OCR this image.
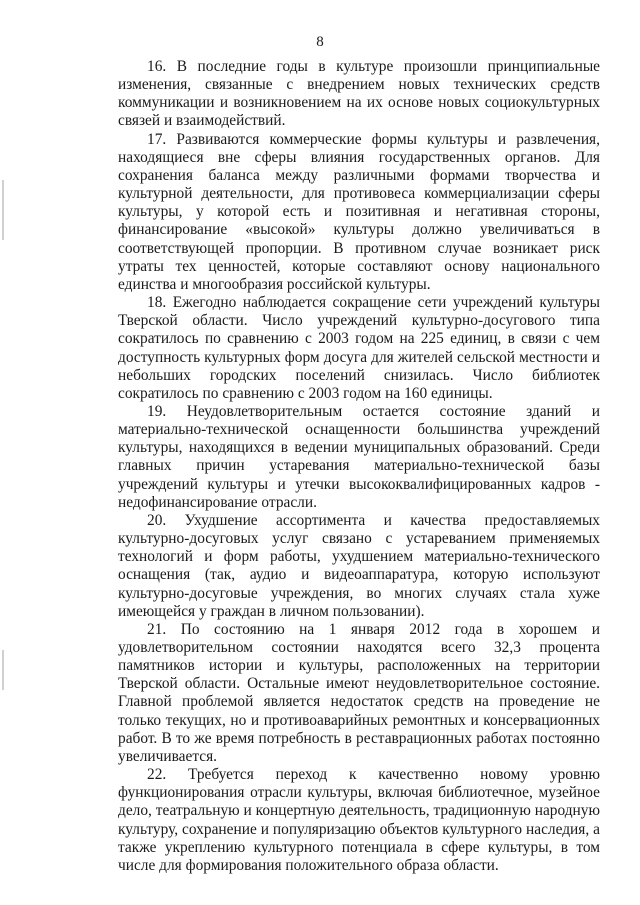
8

16. В последние годы в культуре произошли принципиальные изменения, связанные с внедрением новых технических средств коммуникации и возникновением на их основе новых социокультурных связей и взаимодействий.

17. Развиваются коммерческие формы культуры и развлечения, находящиеся вне сферы влияния государственных органов. Для сохранения баланса между различными формами творчества и культурной деятельности, для противовеса коммерциализации сферы культуры, у которой есть и позитивная и негативная стороны, финансирование «высокой» культуры должно увеличиваться в соответствующей пропорции. В противном случае возникает риск утраты тех ценностей, которые составляют основу национального единства и многообразия российской культуры.

18. Ежегодно наблюдается сокращение сети учреждений культуры Тверской области. Число учреждений культурно-досугового типа сократилось по сравнению с 2003 годом на 225 единиц, в связи с чем доступность культурных форм досуга для жителей сельской местности и небольших городских поселений снизилась. Число библиотек сократилось по сравнению с 2003 годом на 160 единицы.

19. Неудовлетворительным остается состояние зданий и материально-технической оснащенности большинства учреждений культуры, находящихся в ведении муниципальных образований. Среди главных причин устаревания материально-технической базы учреждений культуры и утечки высококвалифицированных кадров - недофинансирование отрасли.

20. Ухудшение ассортимента и качества предоставляемых культурно-досуговых услуг связано с устареванием применяемых технологий и форм работы, ухудшением материально-технического оснащения (так, аудио и видеоаппаратура, которую используют культурно-досуговые учреждения, во многих случаях стала хуже имеющейся у граждан в личном пользовании).

21. По состоянию на 1 января 2012 года в хорошем и удовлетворительном состоянии находятся всего 32,3 процента памятников истории и культуры, расположенных на территории Тверской области. Остальные имеют неудовлетворительное состояние. Главной проблемой является недостаток средств на проведение не только текущих, но и противоаварийных ремонтных и консервационных работ. В то же время потребность в реставрационных работах постоянно увеличивается.

22. Требуется переход к качественно новому уровню функционирования отрасли культуры, включая библиотечное, музейное дело, театральную и концертную деятельность, традиционную народную культуру, сохранение и популяризацию объектов культурного наследия, а также укреплению культурного потенциала в сфере культуры, в том числе для формирования положительного образа области.
